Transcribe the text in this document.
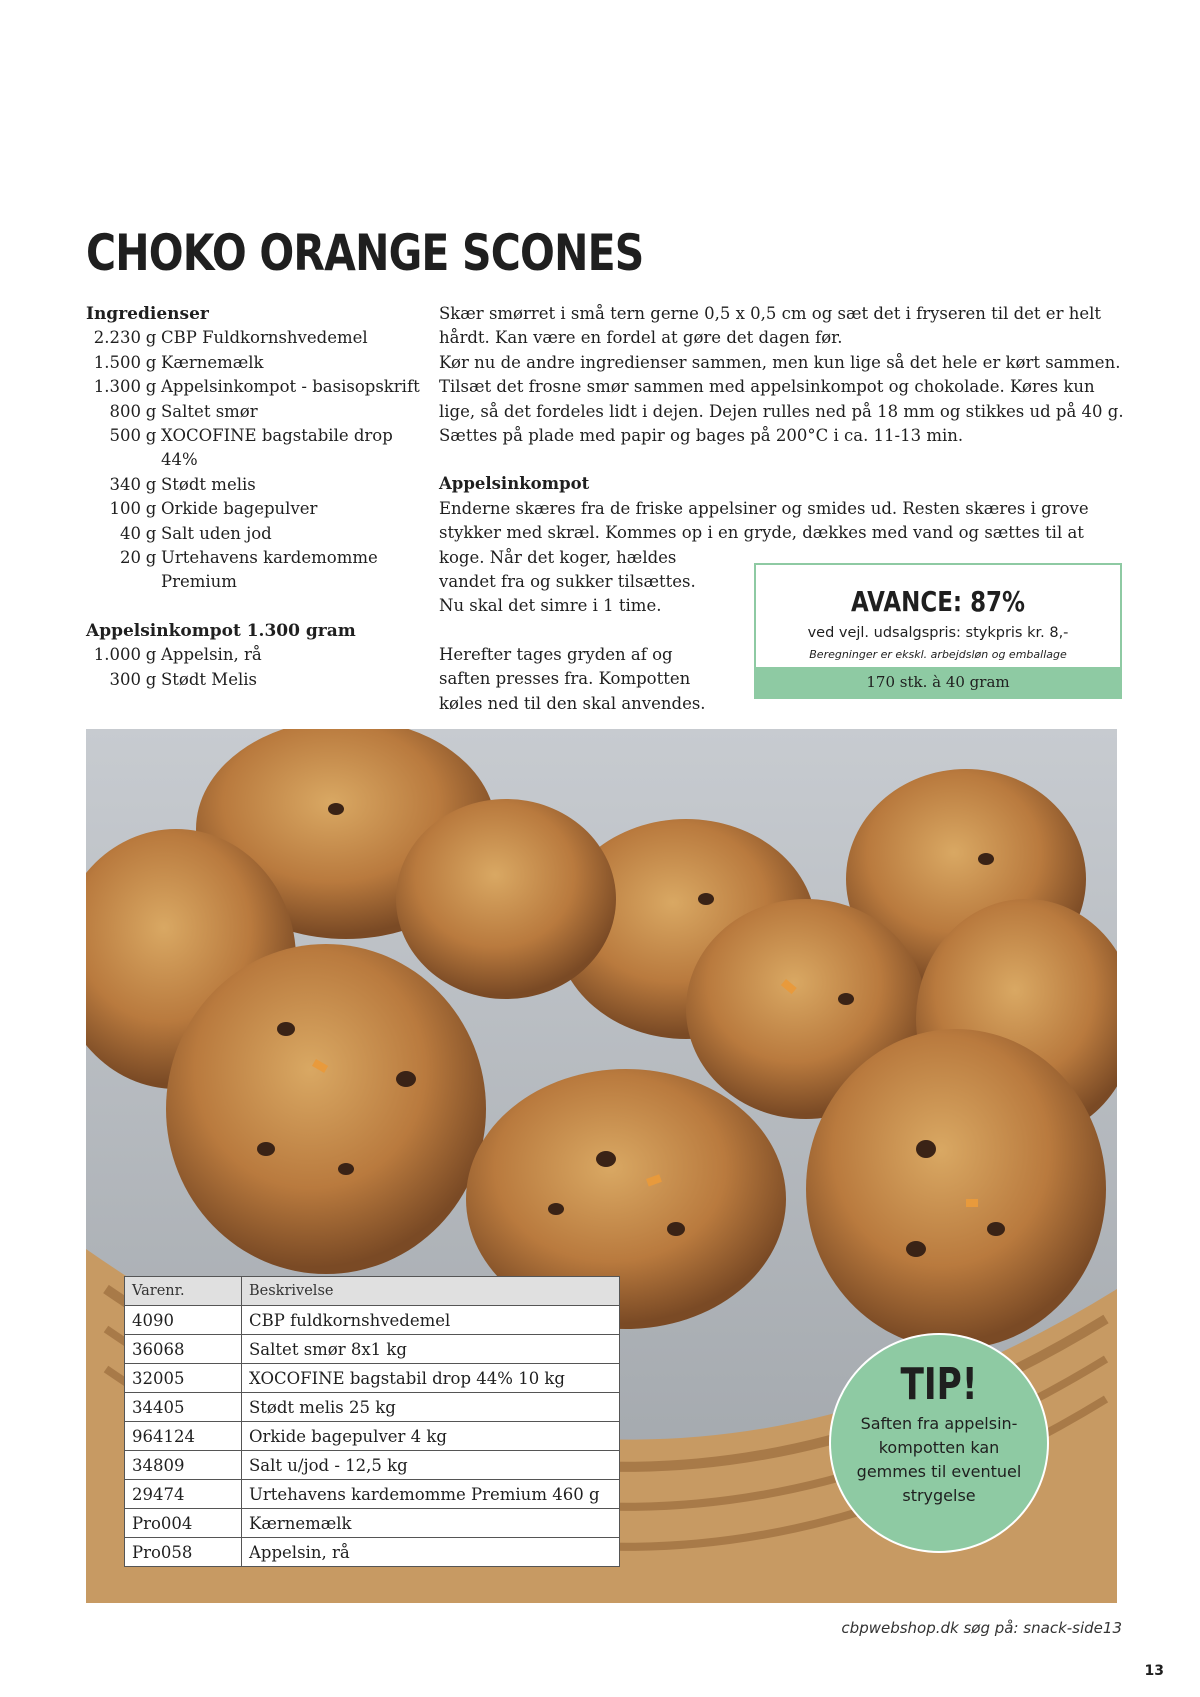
CHOKO ORANGE SCONES
Ingredienser
2.230 g CBP Fuldkornshvedemel
1.500 g Kærnemælk
1.300 g Appelsinkompot - basisopskrift
800 g Saltet smør
500 g XOCOFINE bagstabile drop 44%
340 g Stødt melis
100 g Orkide bagepulver
40 g Salt uden jod
20 g Urtehavens kardemomme Premium
Appelsinkompot 1.300 gram
1.000 g Appelsin, rå
300 g Stødt Melis

Skær smørret i små tern gerne 0,5 x 0,5 cm og sæt det i fryseren til det er helt hårdt. Kan være en fordel at gøre det dagen før.

Kør nu de andre ingredienser sammen, men kun lige så det hele er kørt sammen. Tilsæt det frosne smør sammen med appelsinkompot og chokolade. Køres kun lige, så det fordeles lidt i dejen. Dejen rulles ned på 18 mm og stikkes ud på 40 g.

Sættes på plade med papir og bages på 200°C i ca. 11-13 min.

Appelsinkompot

Enderne skæres fra de friske appelsiner og smides ud. Resten skæres i grove stykker med skræl. Kommes op i en gryde, dækkes med vand og sættes til at koge. Når det koger, hældes

vandet fra og sukker tilsættes. Nu skal det simre i 1 time.

Herefter tages gryden af og saften presses fra. Kompotten køles ned til den skal anvendes.

AVANCE: 87%
ved vejl. udsalgspris: stykpris kr. 8,-
Beregninger er ekskl. arbejdsløn og emballage
170 stk. à 40 gram
Varenr.	Beskrivelse
4090	CBP fuldkornshvedemel
36068	Saltet smør 8x1 kg
32005	XOCOFINE bagstabil drop 44% 10 kg
34405	Stødt melis 25 kg
964124	Orkide bagepulver 4 kg
34809	Salt u/jod - 12,5 kg
29474	Urtehavens kardemomme Premium 460 g
Pro004	Kærnemælk
Pro058	Appelsin, rå
TIP!
Saften fra appelsin-kompotten kan gemmes til eventuel strygelse
cbpwebshop.dk søg på: snack-side13
13
